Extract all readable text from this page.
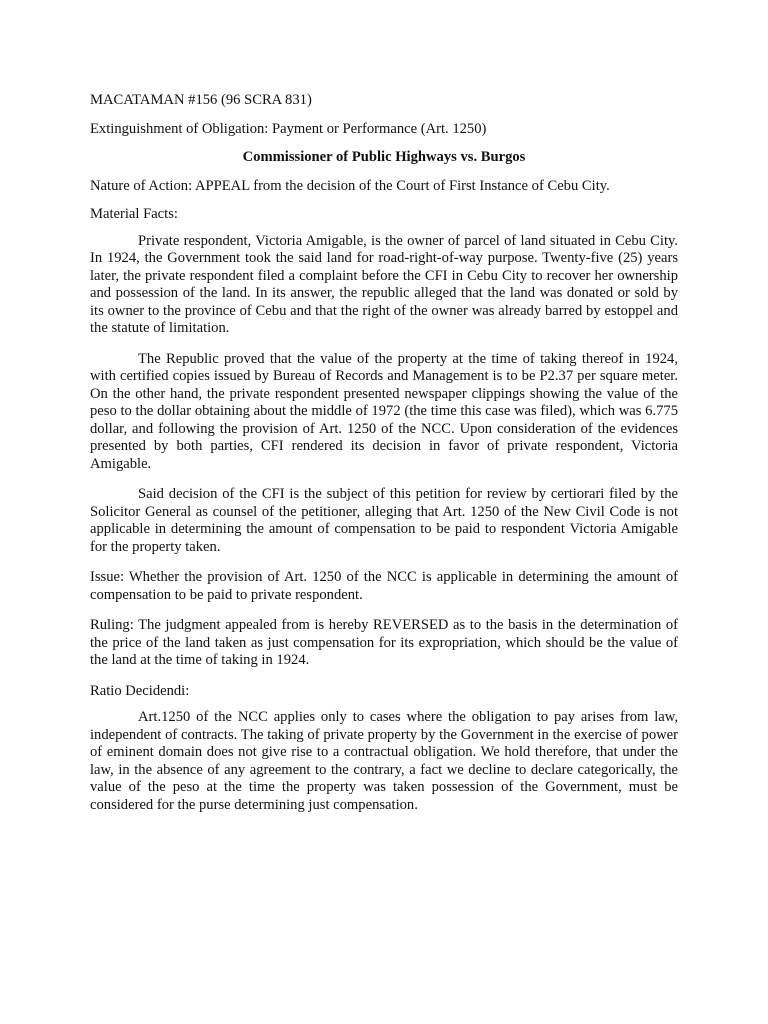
MACATAMAN #156 (96 SCRA 831)
Extinguishment of Obligation: Payment or Performance (Art. 1250)
Commissioner of Public Highways vs. Burgos
Nature of Action: APPEAL from the decision of the Court of First Instance of Cebu City.
Material Facts:

Private respondent, Victoria Amigable, is the owner of parcel of land situated in Cebu City. In 1924, the Government took the said land for road-right-of-way purpose. Twenty-five (25) years later, the private respondent filed a complaint before the CFI in Cebu City to recover her ownership and possession of the land. In its answer, the republic alleged that the land was donated or sold by its owner to the province of Cebu and that the right of the owner was already barred by estoppel and the statute of limitation.

The Republic proved that the value of the property at the time of taking thereof in 1924, with certified copies issued by Bureau of Records and Management is to be P2.37 per square meter. On the other hand, the private respondent presented newspaper clippings showing the value of the peso to the dollar obtaining about the middle of 1972 (the time this case was filed), which was 6.775 dollar, and following the provision of Art. 1250 of the NCC. Upon consideration of the evidences presented by both parties, CFI rendered its decision in favor of private respondent, Victoria Amigable.

Said decision of the CFI is the subject of this petition for review by certiorari filed by the Solicitor General as counsel of the petitioner, alleging that Art. 1250 of the New Civil Code is not applicable in determining the amount of compensation to be paid to respondent Victoria Amigable for the property taken.

Issue: Whether the provision of Art. 1250 of the NCC is applicable in determining the amount of compensation to be paid to private respondent.

Ruling: The judgment appealed from is hereby REVERSED as to the basis in the determination of the price of the land taken as just compensation for its expropriation, which should be the value of the land at the time of taking in 1924.

Ratio Decidendi:

Art.1250 of the NCC applies only to cases where the obligation to pay arises from law, independent of contracts. The taking of private property by the Government in the exercise of power of eminent domain does not give rise to a contractual obligation. We hold therefore, that under the law, in the absence of any agreement to the contrary, a fact we decline to declare categorically, the value of the peso at the time the property was taken possession of the Government, must be considered for the purse determining just compensation.
